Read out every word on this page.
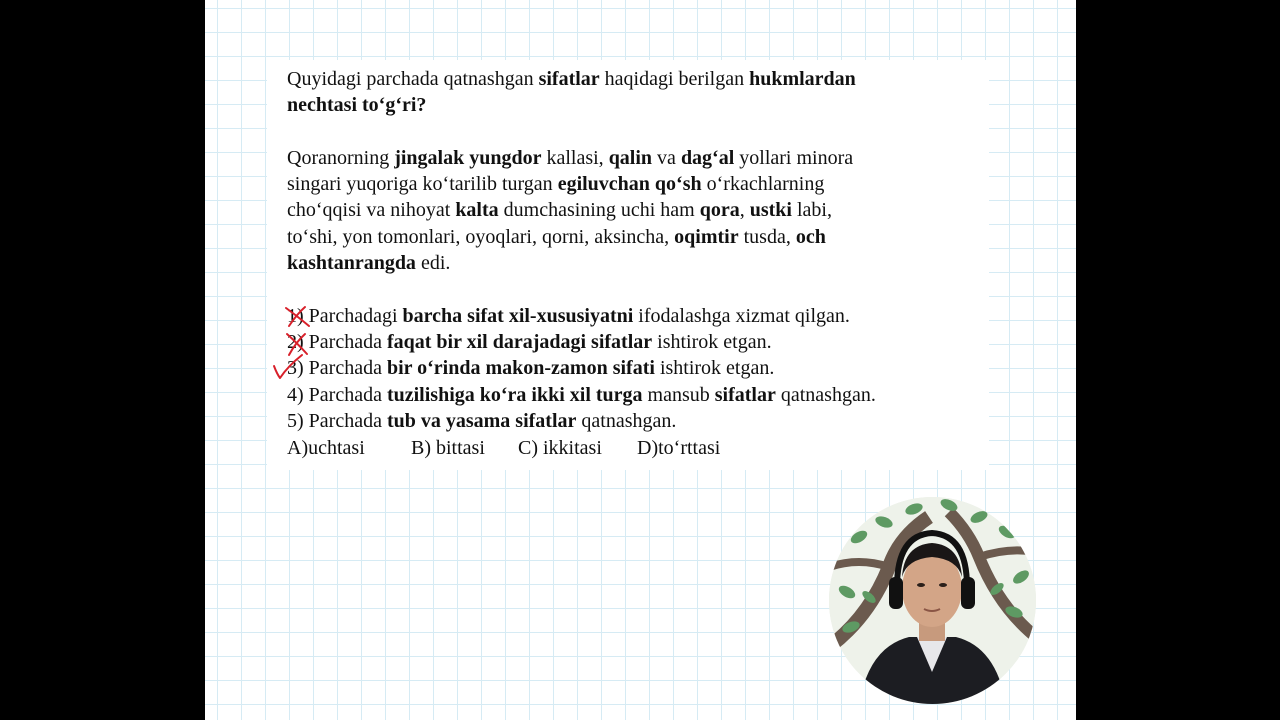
Quyidagi parchada qatnashgan sifatlar haqidagi berilgan hukmlardan
nechtasi to‘g‘ri?
Qoranorning jingalak yungdor kallasi, qalin va dag‘al yollari minora
singari yuqoriga ko‘tarilib turgan egiluvchan qo‘sh o‘rkachlarning
cho‘qqisi va nihoyat kalta dumchasining uchi ham qora, ustki labi,
to‘shi, yon tomonlari, oyoqlari, qorni, aksincha, oqimtir tusda, och
kashtanrangda edi.
1) Parchadagi barcha sifat xil-xususiyatni ifodalashga xizmat qilgan.
2) Parchada faqat bir xil darajadagi sifatlar ishtirok etgan.
3) Parchada bir o‘rinda makon-zamon sifati ishtirok etgan.
4) Parchada tuzilishiga ko‘ra ikki xil turga mansub sifatlar qatnashgan.
5) Parchada tub va yasama sifatlar qatnashgan.
A)uchtasi B) bittasi C) ikkitasi D)to‘rttasi
